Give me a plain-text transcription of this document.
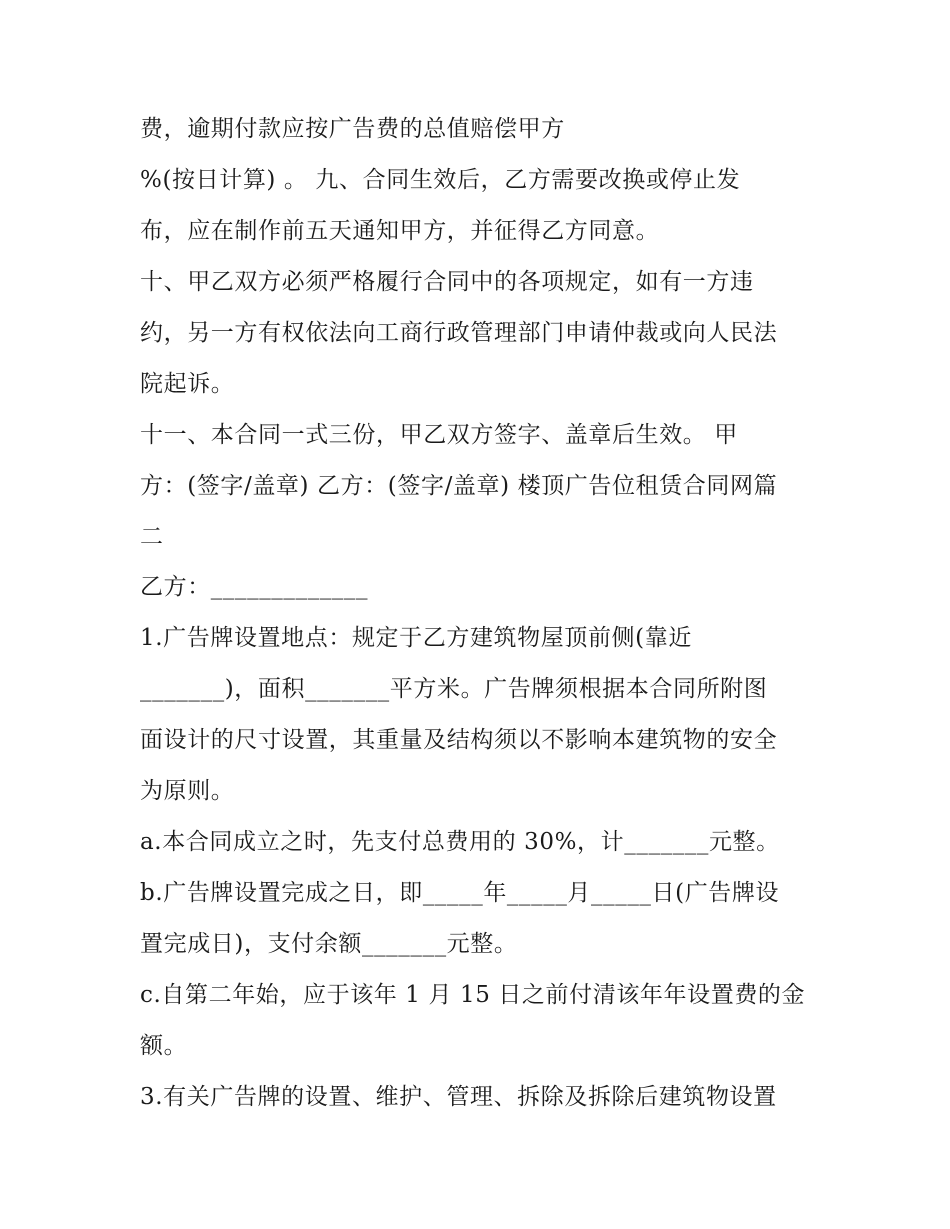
费，逾期付款应按广告费的总值赔偿甲方
%(按日计算) 。 九、合同生效后，乙方需要改换或停止发
布，应在制作前五天通知甲方，并征得乙方同意。
十、甲乙双方必须严格履行合同中的各项规定，如有一方违
约，另一方有权依法向工商行政管理部门申请仲裁或向人民法
院起诉。
十一、本合同一式三份，甲乙双方签字、盖章后生效。 甲
方：(签字/盖章) 乙方：(签字/盖章) 楼顶广告位租赁合同网篇
二
乙方：_____________
1.广告牌设置地点：规定于乙方建筑物屋顶前侧(靠近
_______)，面积_______平方米。广告牌须根据本合同所附图
面设计的尺寸设置，其重量及结构须以不影响本建筑物的安全
为原则。
a.本合同成立之时，先支付总费用的 30%，计_______元整。
b.广告牌设置完成之日，即_____年_____月_____日(广告牌设
置完成日)，支付余额_______元整。
c.自第二年始，应于该年 1 月 15 日之前付清该年年设置费的金
额。
3.有关广告牌的设置、维护、管理、拆除及拆除后建筑物设置
